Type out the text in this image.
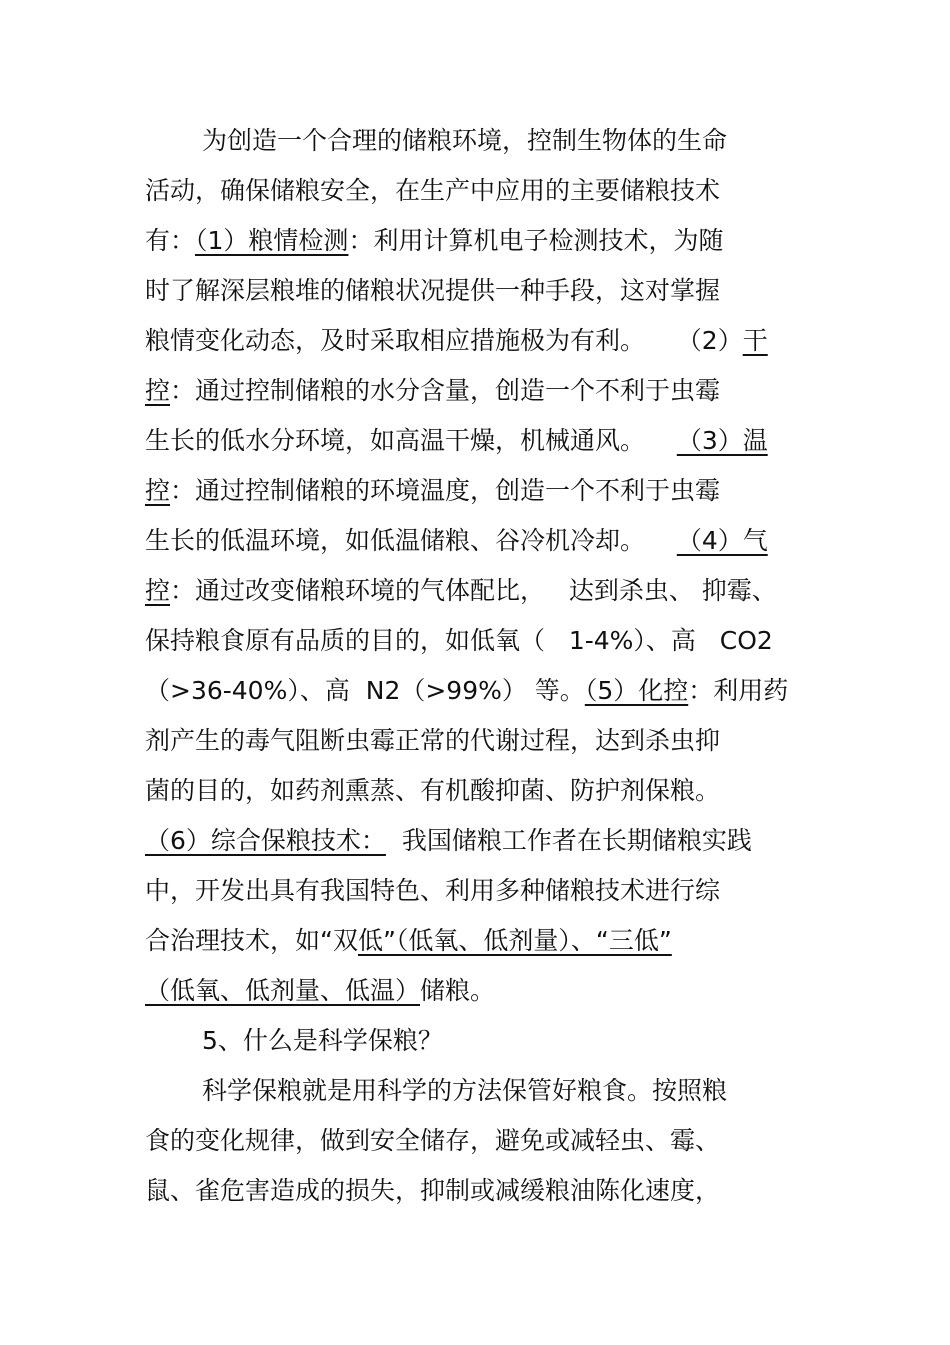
为创造一个合理的储粮环境，控制生物体的生命
活动，确保储粮安全，在生产中应用的主要储粮技术
有：（1）粮情检测：利用计算机电子检测技术，为随
时了解深层粮堆的储粮状况提供一种手段，这对掌握
粮情变化动态，及时采取相应措施极为有利。    （2）干
控：通过控制储粮的水分含量，创造一个不利于虫霉
生长的低水分环境，如高温干燥，机械通风。 （3）温
控：通过控制储粮的环境温度，创造一个不利于虫霉
生长的低温环境，如低温储粮、谷冷机冷却。 （4）气
控：通过改变储粮环境的气体配比，   达到杀虫、 抑霉、
保持粮食原有品质的目的，如低氧（   1-4%）、高   CO2
（>36-40%）、高  N2（>99%） 等。（5）化控：利用药
剂产生的毒气阻断虫霉正常的代谢过程，达到杀虫抑
菌的目的，如药剂熏蒸、有机酸抑菌、防护剂保粮。
（6）综合保粮技术：  我国储粮工作者在长期储粮实践
中，开发出具有我国特色、利用多种储粮技术进行综
合治理技术，如“双低”（低氧、低剂量）、“三低”
（低氧、低剂量、低温）储粮。
5、什么是科学保粮？
科学保粮就是用科学的方法保管好粮食。按照粮
食的变化规律，做到安全储存，避免或减轻虫、霉、
鼠、雀危害造成的损失，抑制或减缓粮油陈化速度，
